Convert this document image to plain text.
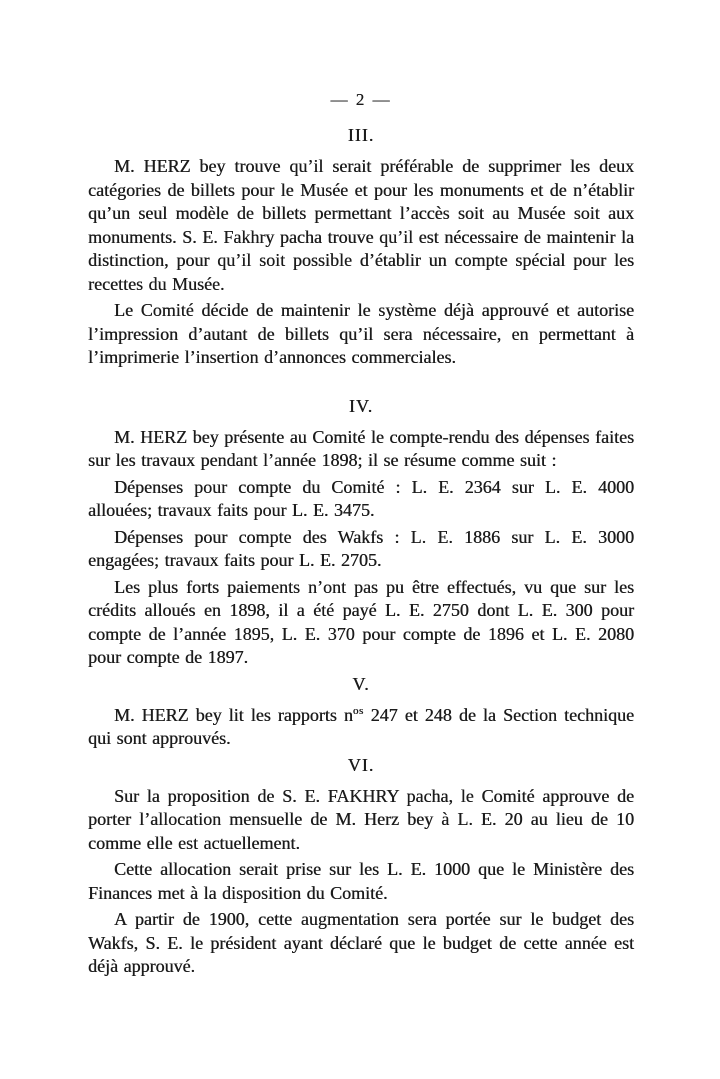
— 2 —
III.

M. HERZ bey trouve qu’il serait préférable de supprimer les deux catégories de billets pour le Musée et pour les monuments et de n’établir qu’un seul modèle de billets permettant l’accès soit au Musée soit aux monuments. S. E. Fakhry pacha trouve qu’il est nécessaire de maintenir la distinction, pour qu’il soit possible d’établir un compte spécial pour les recettes du Musée.

Le Comité décide de maintenir le système déjà approuvé et autorise l’impression d’autant de billets qu’il sera nécessaire, en permettant à l’imprimerie l’insertion d’annonces commerciales.

IV.

M. HERZ bey présente au Comité le compte-rendu des dépenses faites sur les travaux pendant l’année 1898; il se résume comme suit :

Dépenses pour compte du Comité : L. E. 2364 sur L. E. 4000 allouées; travaux faits pour L. E. 3475.

Dépenses pour compte des Wakfs : L. E. 1886 sur L. E. 3000 engagées; travaux faits pour L. E. 2705.

Les plus forts paiements n’ont pas pu être effectués, vu que sur les crédits alloués en 1898, il a été payé L. E. 2750 dont L. E. 300 pour compte de l’année 1895, L. E. 370 pour compte de 1896 et L. E. 2080 pour compte de 1897.

V.

M. HERZ bey lit les rapports $n^{os}$ 247 et 248 de la Section technique qui sont approuvés.

VI.

Sur la proposition de S. E. FAKHRY pacha, le Comité approuve de porter l’allocation mensuelle de M. Herz bey à L. E. 20 au lieu de 10 comme elle est actuellement.

Cette allocation serait prise sur les L. E. 1000 que le Ministère des Finances met à la disposition du Comité.

A partir de 1900, cette augmentation sera portée sur le budget des Wakfs, S. E. le président ayant déclaré que le budget de cette année est déjà approuvé.
